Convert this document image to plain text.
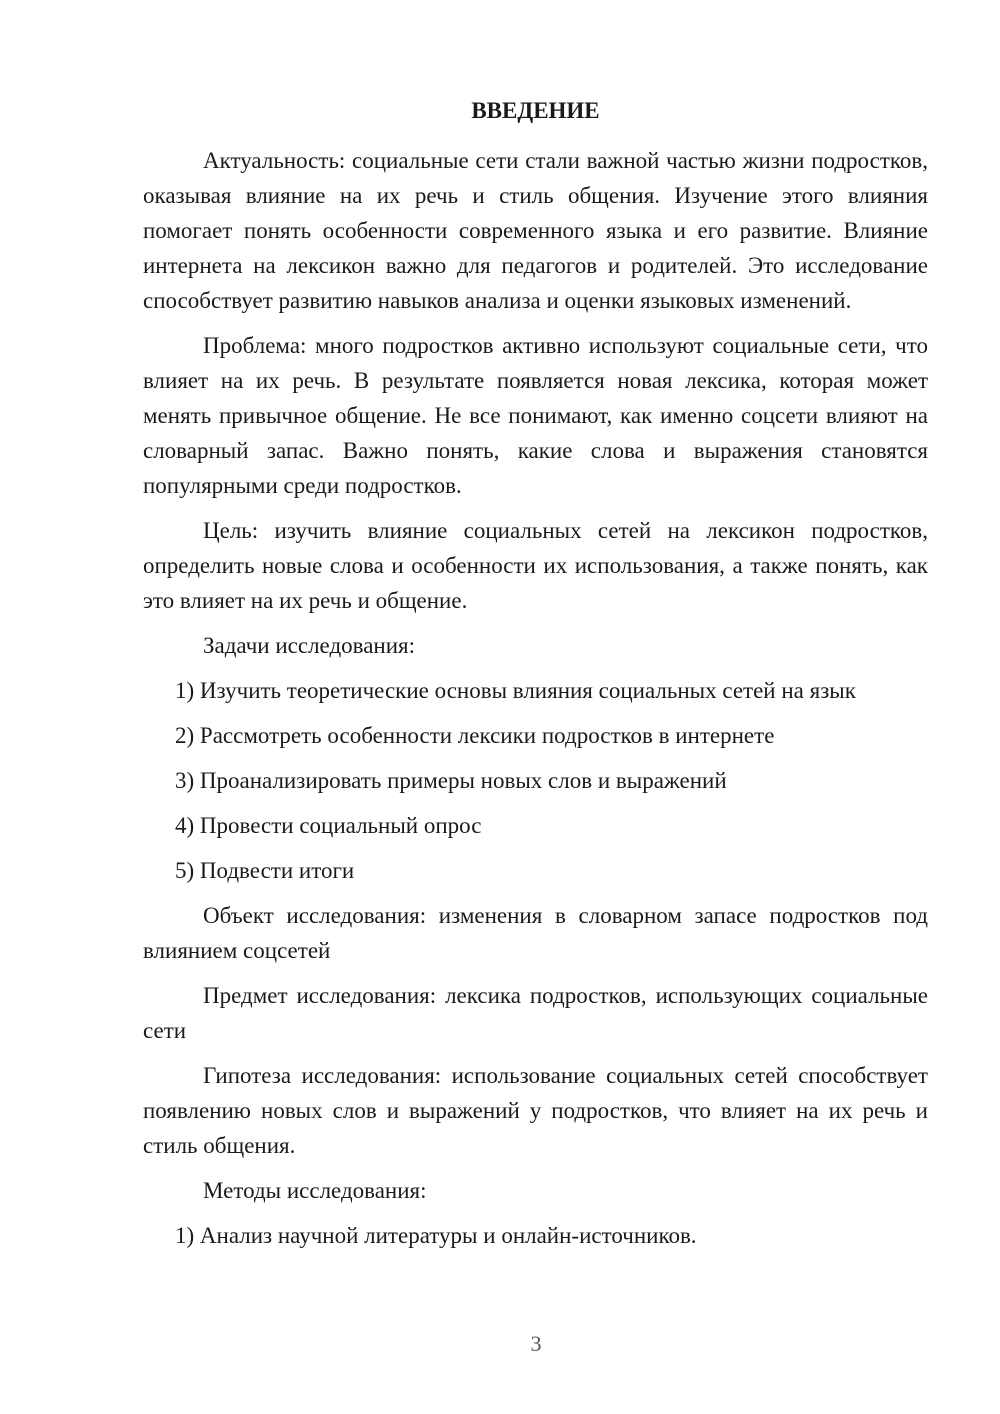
ВВЕДЕНИЕ

Актуальность: социальные сети стали важной частью жизни подростков, оказывая влияние на их речь и стиль общения. Изучение этого влияния помогает понять особенности современного языка и его развитие. Влияние интернета на лексикон важно для педагогов и родителей. Это исследование способствует развитию навыков анализа и оценки языковых изменений.

Проблема: много подростков активно используют социальные сети, что влияет на их речь. В результате появляется новая лексика, которая может менять привычное общение. Не все понимают, как именно соцсети влияют на словарный запас. Важно понять, какие слова и выражения становятся популярными среди подростков.

Цель: изучить влияние социальных сетей на лексикон подростков, определить новые слова и особенности их использования, а также понять, как это влияет на их речь и общение.

Задачи исследования:

1) Изучить теоретические основы влияния социальных сетей на язык

2) Рассмотреть особенности лексики подростков в интернете

3) Проанализировать примеры новых слов и выражений

4) Провести социальный опрос

5) Подвести итоги

Объект исследования: изменения в словарном запасе подростков под влиянием соцсетей

Предмет исследования: лексика подростков, использующих социальные сети

Гипотеза исследования: использование социальных сетей способствует появлению новых слов и выражений у подростков, что влияет на их речь и стиль общения.

Методы исследования:

1) Анализ научной литературы и онлайн-источников.

3
